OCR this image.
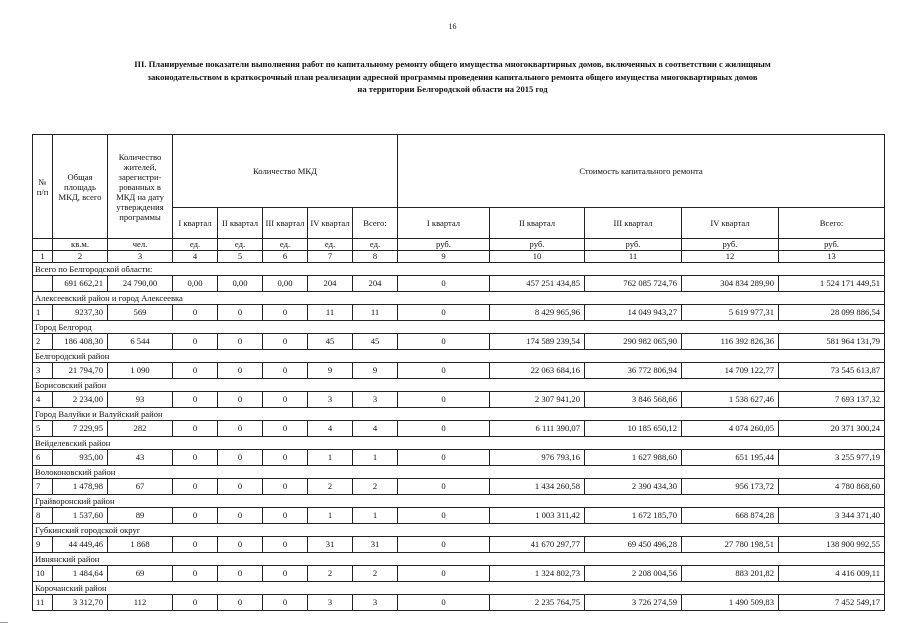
16
III. Планируемые показатели выполнения работ по капитальному ремонту общего имущества многоквартирных домов, включенных в соответствии с жилищным
законодательством в краткосрочный план реализации адресной программы проведения капитального ремонта общего имущества многоквартирных домов
на территории Белгородской области на 2015 год
№ п/п	Общая площадь МКД, всего	Количество жителей, зарегистри-рованных в МКД на дату утверждения программы	Количество МКД					Стоимость капитального ремонта				
			I квартал	II квартал	III квартал	IV квартал	Всего:	I квартал	II квартал	III квартал	IV квартал	Всего:
	кв.м.	чел.	ед.	ед.	ед.	ед.	ед.	руб.	руб.	руб.	руб.	руб.
1	2	3	4	5	6	7	8	9	10	11	12	13
Всего по Белгородской области:												
	691 662,21	24 790,00	0,00	0,00	0,00	204	204	0	457 251 434,85	762 085 724,76	304 834 289,90	1 524 171 449,51
Алексеевский район и город Алексеевка												
1	9237,30	569	0	0	0	11	11	0	8 429 965,96	14 049 943,27	5 619 977,31	28 099 886,54
Город Белгород												
2	186 408,30	6 544	0	0	0	45	45	0	174 589 239,54	290 982 065,90	116 392 826,36	581 964 131,79
Белгородский район												
3	21 794,70	1 090	0	0	0	9	9	0	22 063 684,16	36 772 806,94	14 709 122,77	73 545 613,87
Борисовский район												
4	2 234,00	93	0	0	0	3	3	0	2 307 941,20	3 846 568,66	1 538 627,46	7 693 137,32
Город Валуйки и Валуйский район												
5	7 229,95	282	0	0	0	4	4	0	6 111 390,07	10 185 650,12	4 074 260,05	20 371 300,24
Вейделевский район												
6	935,00	43	0	0	0	1	1	0	976 793,16	1 627 988,60	651 195,44	3 255 977,19
Волоконовский район												
7	1 478,98	67	0	0	0	2	2	0	1 434 260,58	2 390 434,30	956 173,72	4 780 868,60
Грайворонский район												
8	1 537,60	89	0	0	0	1	1	0	1 003 311,42	1 672 185,70	668 874,28	3 344 371,40
Губкинский городской округ												
9	44 449,46	1 868	0	0	0	31	31	0	41 670 297,77	69 450 496,28	27 780 198,51	138 900 992,55
Ивнянский район												
10	1 484,64	69	0	0	0	2	2	0	1 324 802,73	2 208 004,56	883 201,82	4 416 009,11
Корочанский район												
11	3 312,70	112	0	0	0	3	3	0	2 235 764,75	3 726 274,59	1 490 509,83	7 452 549,17
